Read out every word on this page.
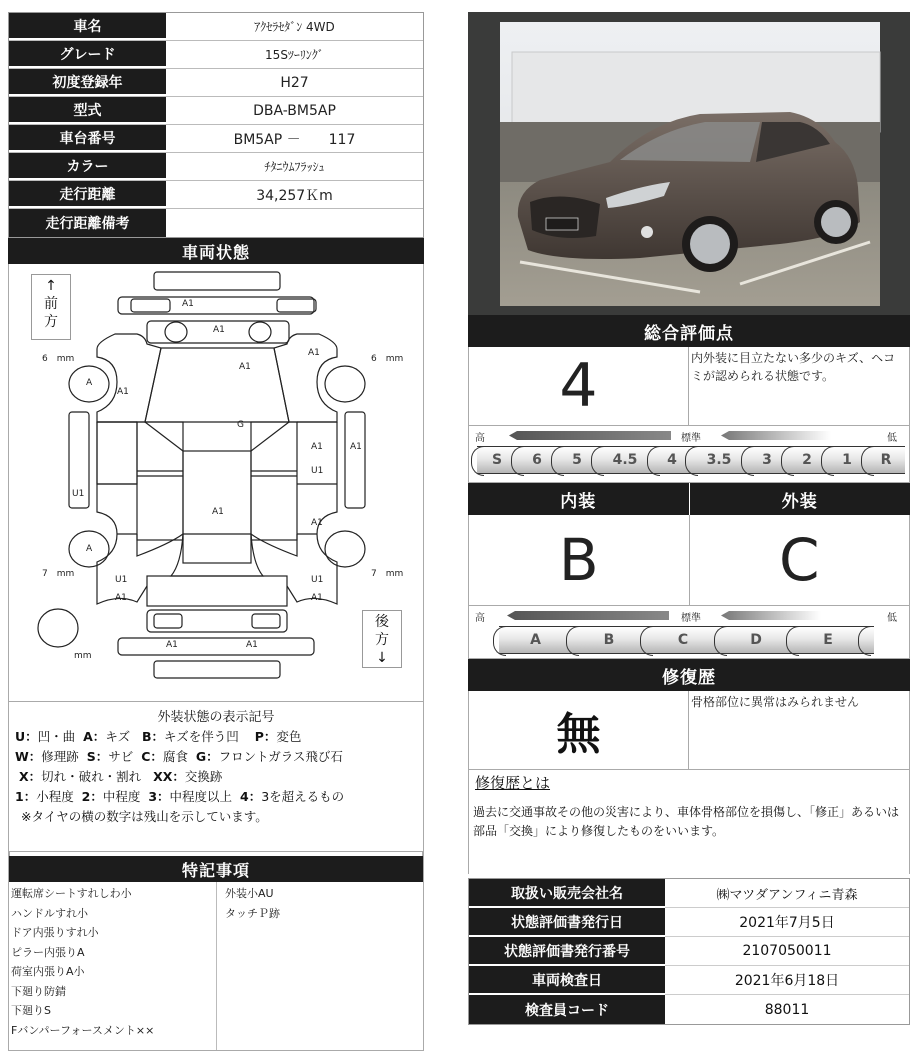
車名	ｱｸｾﾗｾﾀﾞﾝ 4WD
グレード	15Sﾂｰﾘﾝｸﾞ
初度登録年	H27
型式	DBA-BM5AP
車台番号	BM5AP －　　117
カラー	ﾁﾀﾆｳﾑﾌﾗｯｼｭ
走行距離	34,257Ｋm
走行距離備考
車両状態
↑
前
方
後
方
↓
6　mm	6　mm
7　mm	7　mm
mm
A1
A1
A1
G
A1
A
A1
A1
A1
U1
A1
U1
A1
A
U1
A1
U1
A1
A1	A1
外装状態の表示記号
U：凹・曲 A：キズ B：キズを伴う凹 P：変色
W：修理跡 S：サビ C：腐食 G：フロントガラス飛び石
X：切れ・破れ・割れ XX：交換跡
1：小程度 2：中程度 3：中程度以上 4：3を超えるもの
※タイヤの横の数字は残山を示しています。
特記事項
運転席シートすれしわ小
ハンドルすれ小
ドア内張りすれ小
ピラー内張りA
荷室内張りA小
下廻り防錆
下廻りS
Fバンパーフォースメント××
外装小AU
タッチＰ跡
総合評価点
4	内外装に目立たない多少のキズ、ヘコミが認められる状態です。
高	標準	低
S	6	5	4.5	4	3.5	3	2	1	R
内装	外装
B	C
高	標準	低
A	B	C	D	E
修復歴
無
骨格部位に異常はみられません
修復歴とは
過去に交通事故その他の災害により、車体骨格部位を損傷し、「修正」あるいは部品「交換」により修復したものをいいます。
取扱い販売会社名	㈱マツダアンフィニ青森
状態評価書発行日	2021年7月5日
状態評価書発行番号	2107050011
車両検査日	2021年6月18日
検査員コード	88011
